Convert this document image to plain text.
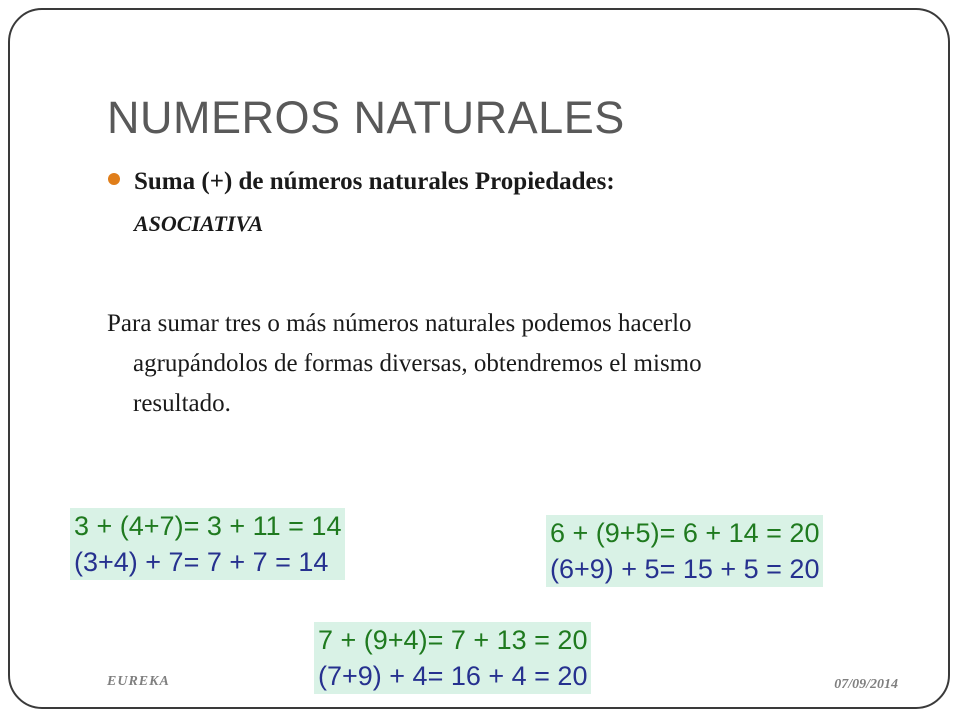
NUMEROS NATURALES
Suma (+) de números naturales Propiedades:
ASOCIATIVA
Para sumar tres o más números naturales podemos hacerlo
agrupándolos de formas diversas, obtendremos el mismo
resultado.
3 + (4+7)= 3 + 11 = 14
(3+4) + 7= 7 + 7 = 14
6 + (9+5)= 6 + 14 = 20
(6+9) + 5= 15 + 5 = 20
7 + (9+4)= 7 + 13 = 20
(7+9) + 4= 16 + 4 = 20
EUREKA	07/09/2014
